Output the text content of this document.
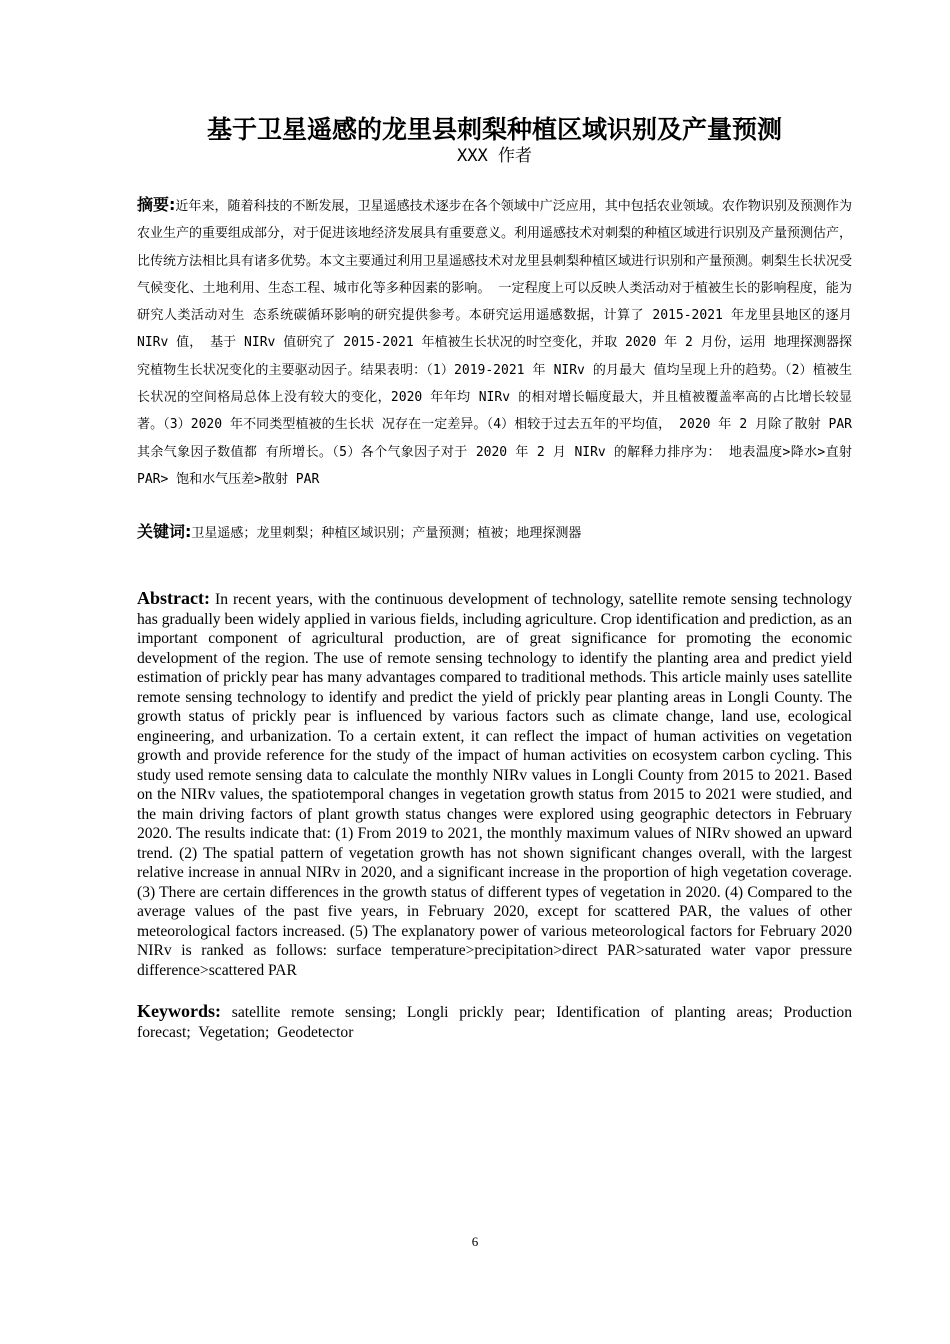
基于卫星遥感的龙里县刺梨种植区域识别及产量预测
XXX 作者
摘要:近年来，随着科技的不断发展，卫星遥感技术逐步在各个领域中广泛应用，其中包括农业领域。农作物识别及预测作为农业生产的重要组成部分，对于促进该地经济发展具有重要意义。利用遥感技术对刺梨的种植区域进行识别及产量预测估产，比传统方法相比具有诸多优势。本文主要通过利用卫星遥感技术对龙里县刺梨种植区域进行识别和产量预测。刺梨生长状况受气候变化、土地利用、生态工程、城市化等多种因素的影响。 一定程度上可以反映人类活动对于植被生长的影响程度，能为研究人类活动对生 态系统碳循环影响的研究提供参考。本研究运用遥感数据，计算了 2015-2021 年龙里县地区的逐月 NIRv 值， 基于 NIRv 值研究了 2015-2021 年植被生长状况的时空变化，并取 2020 年 2 月份，运用 地理探测器探究植物生长状况变化的主要驱动因子。结果表明：（1）2019-2021 年 NIRv 的月最大 值均呈现上升的趋势。（2）植被生长状况的空间格局总体上没有较大的变化，2020 年年均 NIRv 的相对增长幅度最大，并且植被覆盖率高的占比增长较显著。（3）2020 年不同类型植被的生长状 况存在一定差异。（4）相较于过去五年的平均值， 2020 年 2 月除了散射 PAR 其余气象因子数值都 有所增长。（5）各个气象因子对于 2020 年 2 月 NIRv 的解释力排序为： 地表温度>降水>直射 PAR> 饱和水气压差>散射 PAR
关键词:卫星遥感；龙里刺梨；种植区域识别；产量预测；植被；地理探测器
Abstract: In recent years, with the continuous development of technology, satellite remote sensing technology has gradually been widely applied in various fields, including agriculture. Crop identification and prediction, as an important component of agricultural production, are of great significance for promoting the economic development of the region. The use of remote sensing technology to identify the planting area and predict yield estimation of prickly pear has many advantages compared to traditional methods. This article mainly uses satellite remote sensing technology to identify and predict the yield of prickly pear planting areas in Longli County. The growth status of prickly pear is influenced by various factors such as climate change, land use, ecological engineering, and urbanization. To a certain extent, it can reflect the impact of human activities on vegetation growth and provide reference for the study of the impact of human activities on ecosystem carbon cycling. This study used remote sensing data to calculate the monthly NIRv values in Longli County from 2015 to 2021. Based on the NIRv values, the spatiotemporal changes in vegetation growth status from 2015 to 2021 were studied, and the main driving factors of plant growth status changes were explored using geographic detectors in February 2020. The results indicate that: (1) From 2019 to 2021, the monthly maximum values of NIRv showed an upward trend. (2) The spatial pattern of vegetation growth has not shown significant changes overall, with the largest relative increase in annual NIRv in 2020, and a significant increase in the proportion of high vegetation coverage. (3) There are certain differences in the growth status of different types of vegetation in 2020. (4) Compared to the average values of the past five years, in February 2020, except for scattered PAR, the values of other meteorological factors increased. (5) The explanatory power of various meteorological factors for February 2020 NIRv is ranked as follows: surface temperature>precipitation>direct PAR>saturated water vapor pressure difference>scattered PAR
Keywords: satellite remote sensing; Longli prickly pear; Identification of planting areas; Production forecast; Vegetation; Geodetector
6
